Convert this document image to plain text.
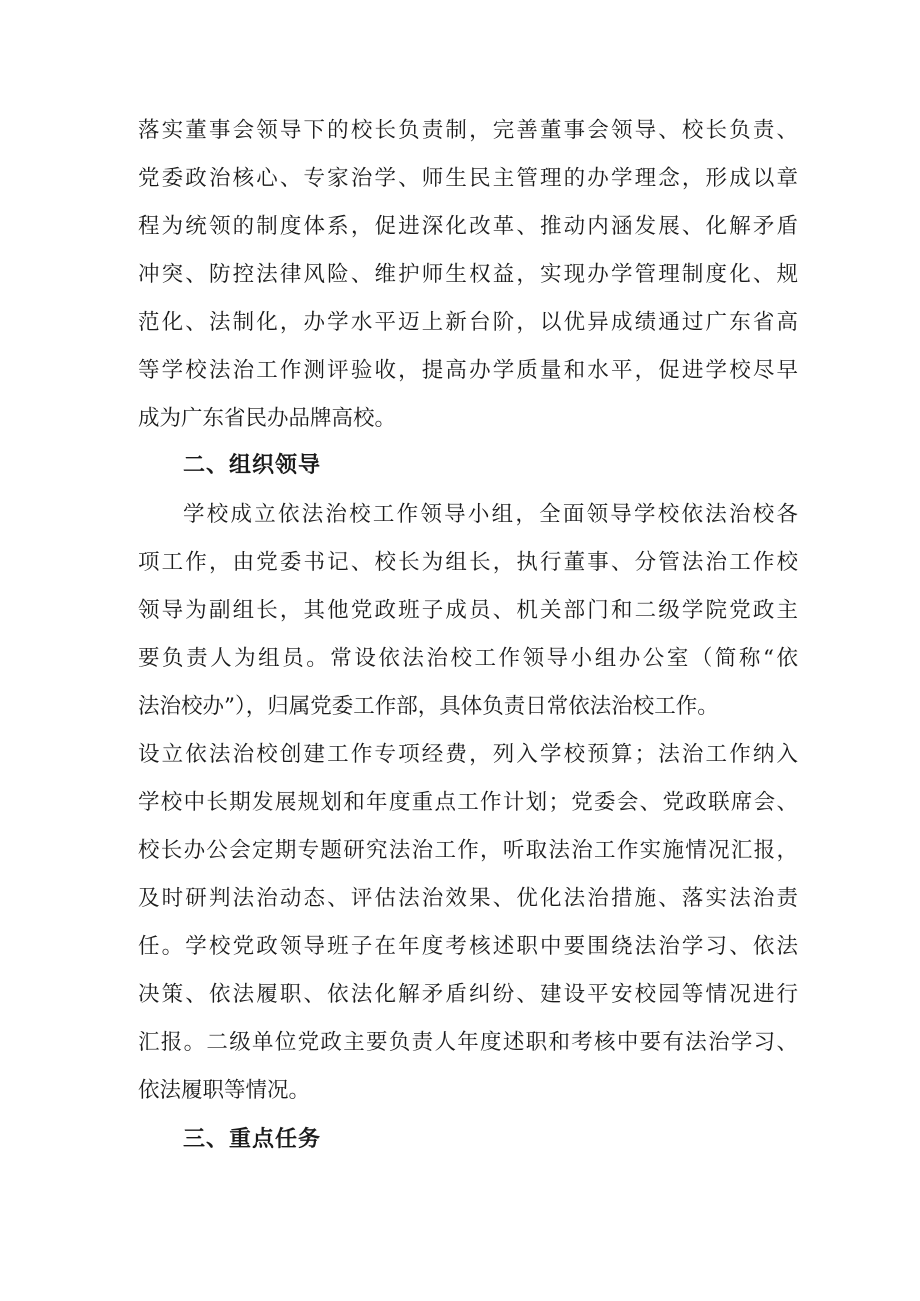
落实董事会领导下的校长负责制，完善董事会领导、校长负责、
党委政治核心、专家治学、师生民主管理的办学理念，形成以章
程为统领的制度体系，促进深化改革、推动内涵发展、化解矛盾
冲突、防控法律风险、维护师生权益，实现办学管理制度化、规
范化、法制化，办学水平迈上新台阶，以优异成绩通过广东省高
等学校法治工作测评验收，提高办学质量和水平，促进学校尽早
成为广东省民办品牌高校。
二、组织领导
学校成立依法治校工作领导小组，全面领导学校依法治校各
项工作，由党委书记、校长为组长，执行董事、分管法治工作校
领导为副组长，其他党政班子成员、机关部门和二级学院党政主
要负责人为组员。常设依法治校工作领导小组办公室（简称“依
法治校办”），归属党委工作部，具体负责日常依法治校工作。
设立依法治校创建工作专项经费，列入学校预算；法治工作纳入
学校中长期发展规划和年度重点工作计划；党委会、党政联席会、
校长办公会定期专题研究法治工作，听取法治工作实施情况汇报，
及时研判法治动态、评估法治效果、优化法治措施、落实法治责
任。学校党政领导班子在年度考核述职中要围绕法治学习、依法
决策、依法履职、依法化解矛盾纠纷、建设平安校园等情况进行
汇报。二级单位党政主要负责人年度述职和考核中要有法治学习、
依法履职等情况。
三、重点任务
